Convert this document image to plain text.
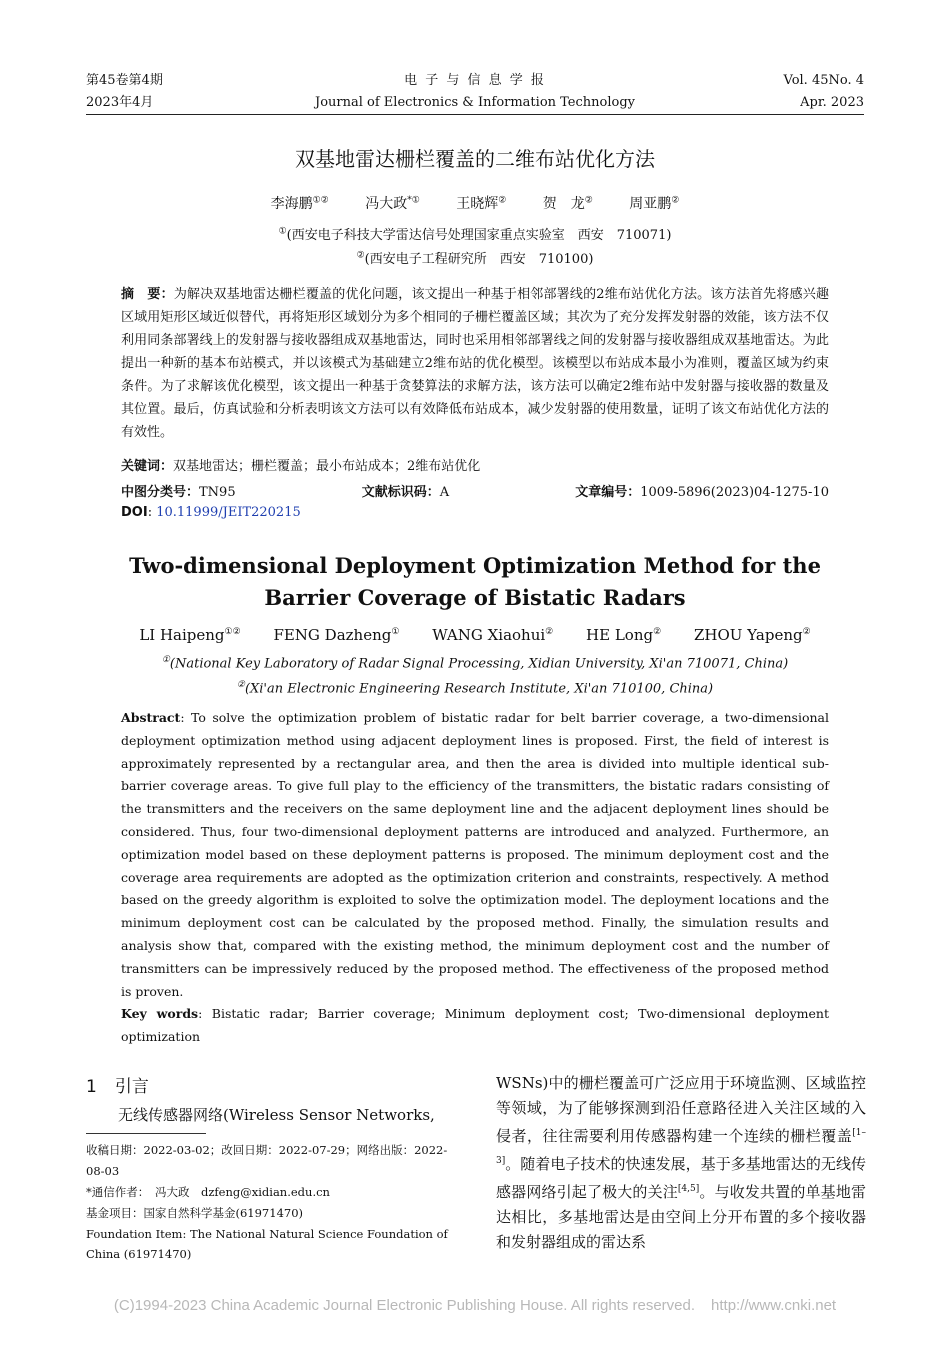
第45卷第4期
2023年4月
电 子 与 信 息 学 报
Journal of Electronics & Information Technology
Vol. 45No. 4
Apr. 2023
双基地雷达栅栏覆盖的二维布站优化方法
李海鹏①②	冯大政*①	王晓辉②	贺　龙②	周亚鹏②
①(西安电子科技大学雷达信号处理国家重点实验室　西安　710071)
②(西安电子工程研究所　西安　710100)
摘　要：为解决双基地雷达栅栏覆盖的优化问题，该文提出一种基于相邻部署线的2维布站优化方法。该方法首先将感兴趣区域用矩形区域近似替代，再将矩形区域划分为多个相同的子栅栏覆盖区域；其次为了充分发挥发射器的效能，该方法不仅利用同条部署线上的发射器与接收器组成双基地雷达，同时也采用相邻部署线之间的发射器与接收器组成双基地雷达。为此提出一种新的基本布站模式，并以该模式为基础建立2维布站的优化模型。该模型以布站成本最小为准则，覆盖区域为约束条件。为了求解该优化模型，该文提出一种基于贪婪算法的求解方法，该方法可以确定2维布站中发射器与接收器的数量及其位置。最后，仿真试验和分析表明该文方法可以有效降低布站成本，减少发射器的使用数量，证明了该文布站优化方法的有效性。
关键词：双基地雷达；栅栏覆盖；最小布站成本；2维布站优化
中图分类号：TN95	文献标识码：A	文章编号：1009-5896(2023)04-1275-10
DOI: 10.11999/JEIT220215
Two-dimensional Deployment Optimization Method for the
Barrier Coverage of Bistatic Radars
LI Haipeng①② FENG Dazheng① WANG Xiaohui② HE Long② ZHOU Yapeng②
①(National Key Laboratory of Radar Signal Processing, Xidian University, Xi'an 710071, China)
②(Xi'an Electronic Engineering Research Institute, Xi'an 710100, China)
Abstract: To solve the optimization problem of bistatic radar for belt barrier coverage, a two-dimensional deployment optimization method using adjacent deployment lines is proposed. First, the field of interest is approximately represented by a rectangular area, and then the area is divided into multiple identical sub-barrier coverage areas. To give full play to the efficiency of the transmitters, the bistatic radars consisting of the transmitters and the receivers on the same deployment line and the adjacent deployment lines should be considered. Thus, four two-dimensional deployment patterns are introduced and analyzed. Furthermore, an optimization model based on these deployment patterns is proposed. The minimum deployment cost and the coverage area requirements are adopted as the optimization criterion and constraints, respectively. A method based on the greedy algorithm is exploited to solve the optimization model. The deployment locations and the minimum deployment cost can be calculated by the proposed method. Finally, the simulation results and analysis show that, compared with the existing method, the minimum deployment cost and the number of transmitters can be impressively reduced by the proposed method. The effectiveness of the proposed method is proven.
Key words: Bistatic radar; Barrier coverage; Minimum deployment cost; Two-dimensional deployment optimization
1 引言
无线传感器网络(Wireless Sensor Networks,
收稿日期：2022-03-02；改回日期：2022-07-29；网络出版：2022-08-03
*通信作者：　冯大政　dzfeng@xidian.edu.cn
基金项目：国家自然科学基金(61971470)
Foundation Item: The National Natural Science Foundation of China (61971470)
WSNs)中的栅栏覆盖可广泛应用于环境监测、区域监控等领域，为了能够探测到沿任意路径进入关注区域的入侵者，往往需要利用传感器构建一个连续的栅栏覆盖[1–3]。随着电子技术的快速发展，基于多基地雷达的无线传感器网络引起了极大的关注[4,5]。与收发共置的单基地雷达相比，多基地雷达是由空间上分开布置的多个接收器和发射器组成的雷达系
(C)1994-2023 China Academic Journal Electronic Publishing House. All rights reserved. http://www.cnki.net
